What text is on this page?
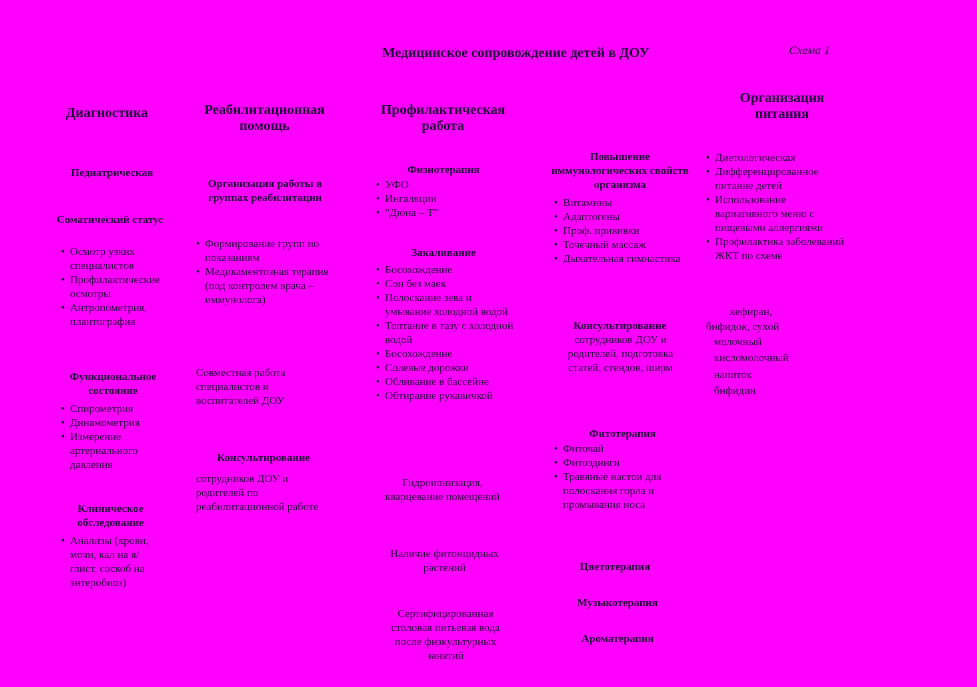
Медицинское сопровождение детей в ДОУ	Схема 1
Диагностика
Педиатрическая
Соматический статус
• Осмотр узких специалистов
• Профилактические осмотры
• Антропометрия, плантография
Функциональное состояние
• Спирометрия
• Динамометрия
• Измерение артериального давления
Клиническое обследование
• Анализы (крови, мочи, кал на я/глист, соскоб на энтеробиоз)
Реабилитационная помощь
Организация работы в группах реабилитации
• Формирование групп по показаниям
• Медикаментозная терапия (под контролем врача – иммунолога)
Совместная работа специалистов и воспитателей ДОУ
Консультирование
сотрудников ДОУ и родителей по реабилитационной работе
Профилактическая работа
Физиотерапия
• УФО
• Ингаляции
• "Дюна – Т"
Закаливание
• Босохождение
• Сон без маек
• Полоскание зева и умывание холодной водой
• Топтание в тазу с холодной водой
• Босохождение
• Солевые дорожки
• Обливание в бассейне
• Обтирание рукавичкой
Гидроионизация, кварцевание помещений
Наличие фитонцидных растений
Сертифицированная столовая питьевая вода после физкультурных занятий
Повышение иммунологических свойств организма
• Витамины
• Адаптогены
• Проф. прививки
• Точечный массаж
• Дыхательная гимнастика
Консультирование
сотрудников ДОУ и родителей, подготовка статей, стендов, ширм
Фитотерапия
• Фиточай
• Фитоэдинги
• Травяные настои для полоскания горла и промывания носа
Цветотерапия
Музыкотерапия
Ароматерапия
Организация питания
• Диетологическая
• Дифференцированное питание детей
• Использование вариативного меню с пищевыми аллергиями
• Профилактика заболеваний ЖКТ по схеме
кефиран,
бифидок, сухой
молочный
кисломолочный
напиток
бифидин
